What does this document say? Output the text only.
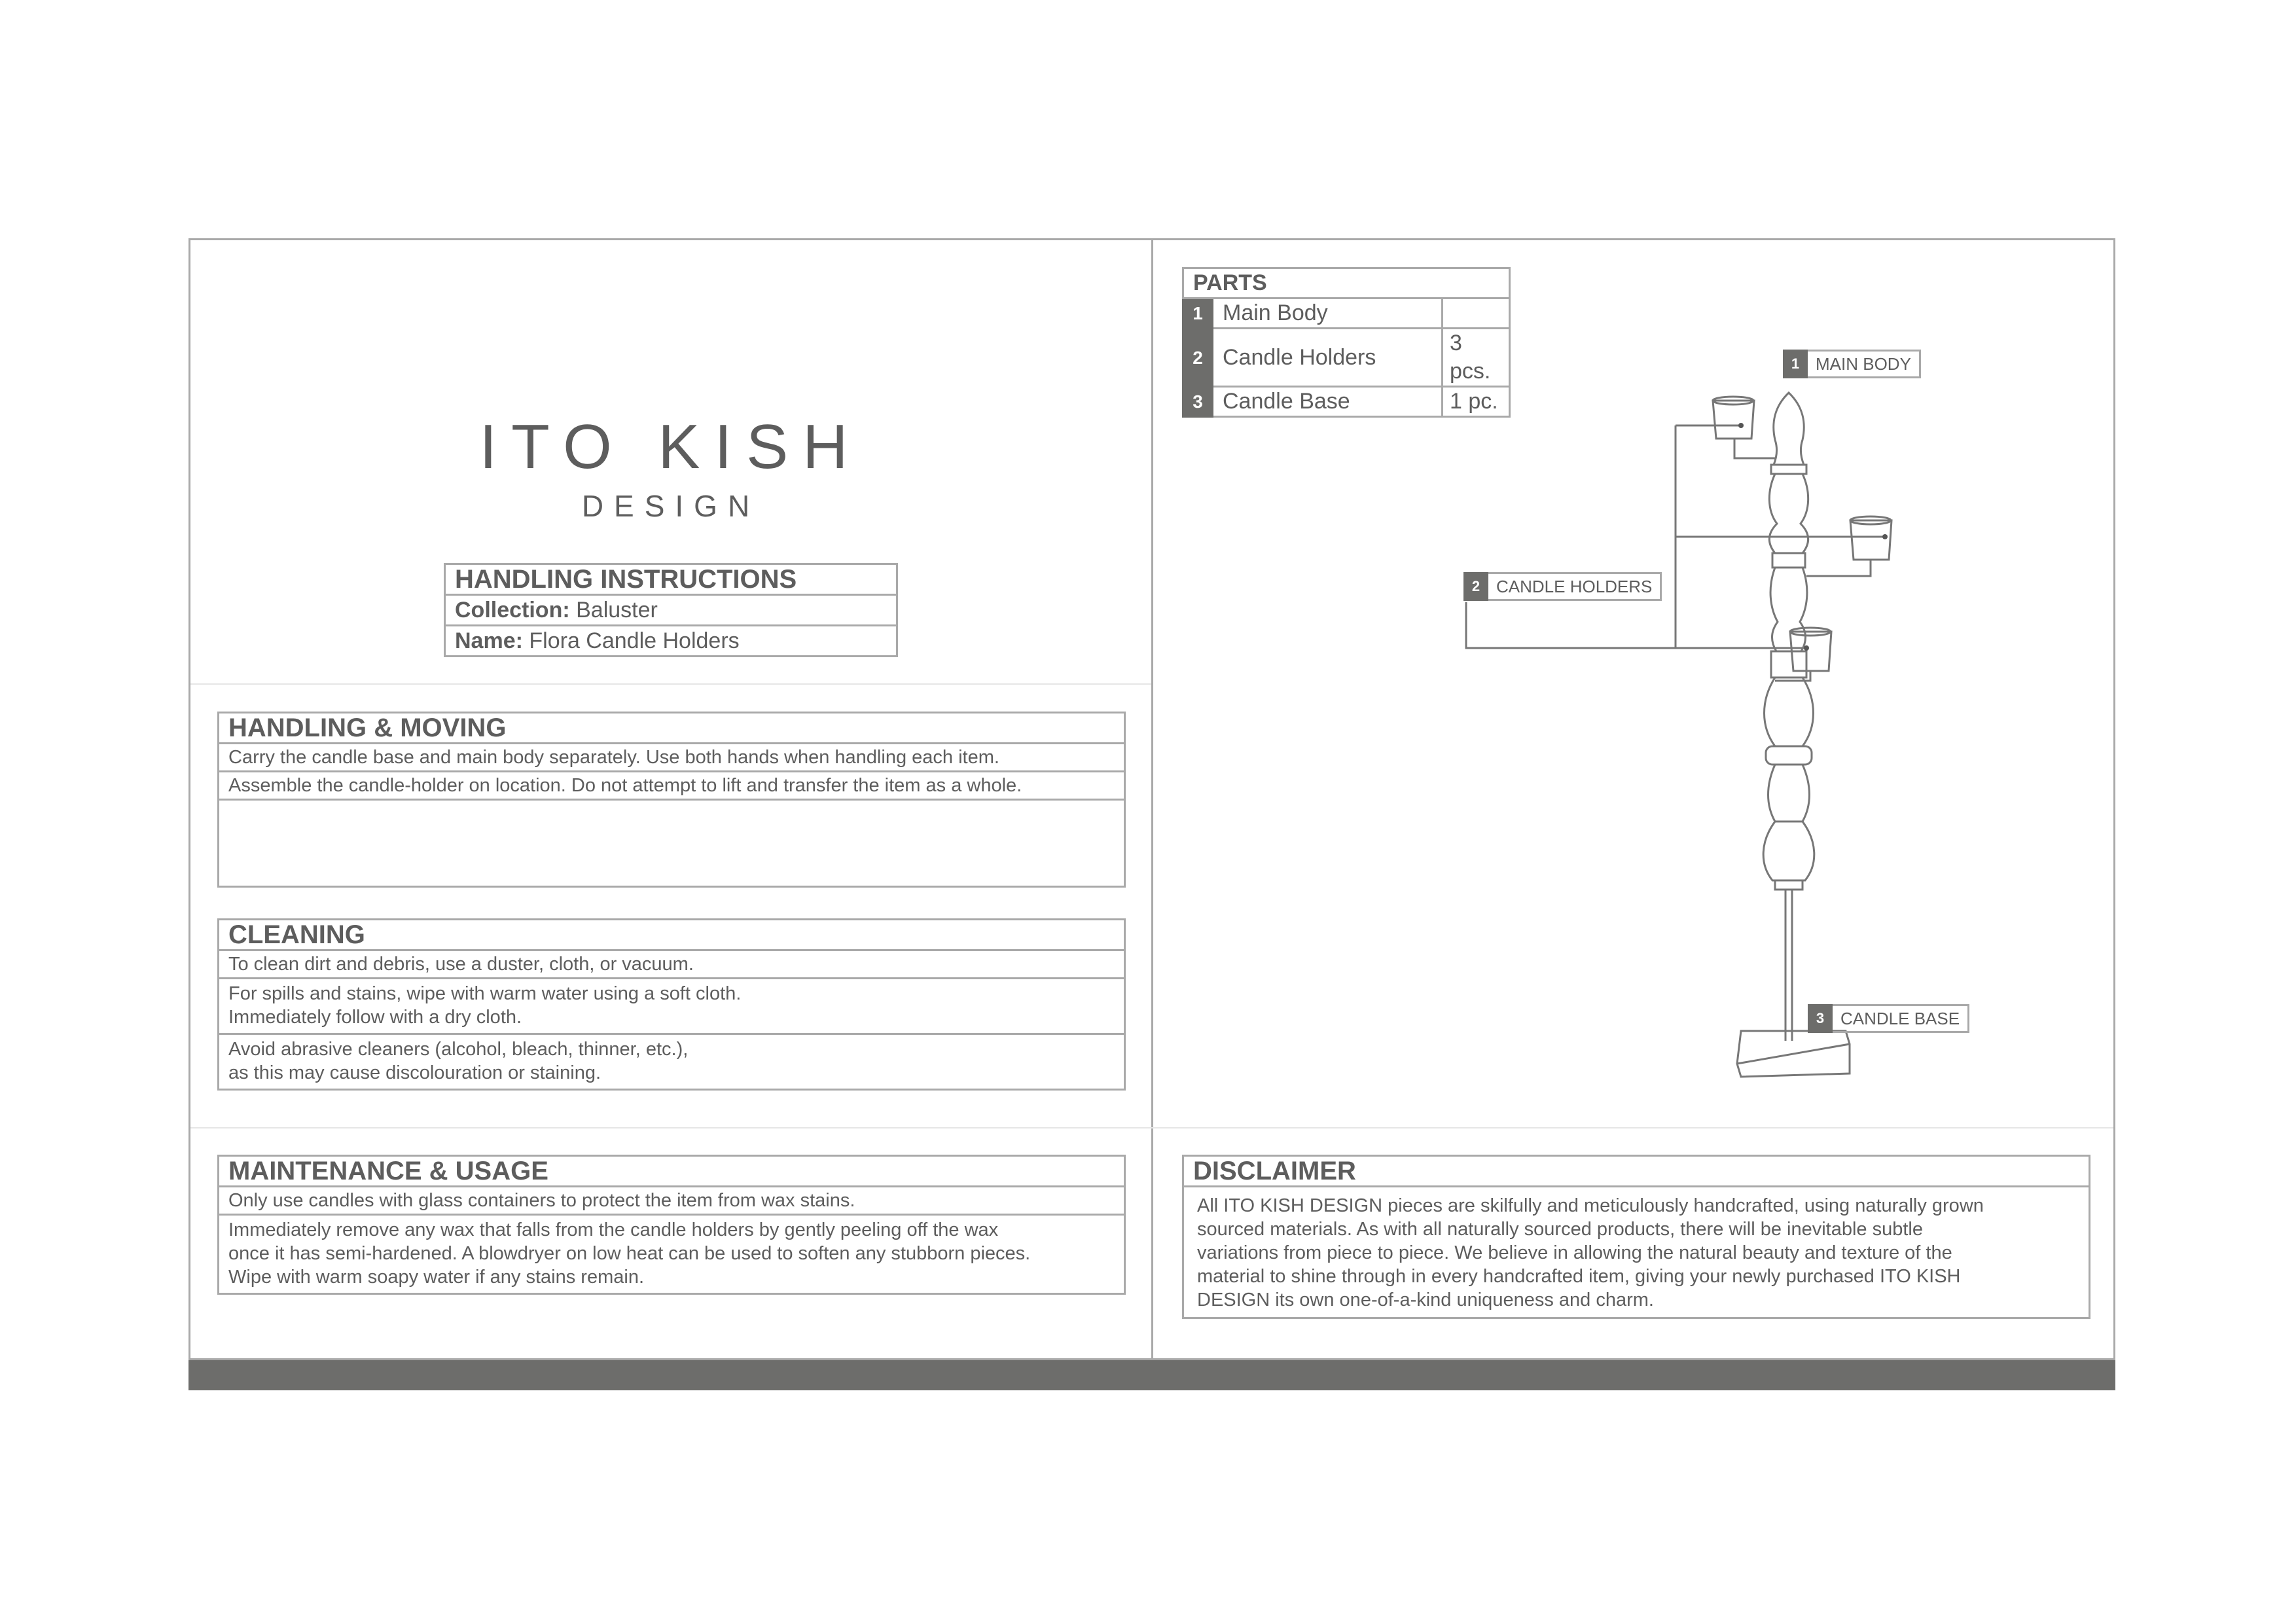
ITO KISH
DESIGN
HANDLING INSTRUCTIONS
Collection: Baluster
Name: Flora Candle Holders
HANDLING & MOVING
Carry the candle base and main body separately. Use both hands when handling each item.
Assemble the candle-holder on location. Do not attempt to lift and transfer the item as a whole.

CLEANING
To clean dirt and debris, use a duster, cloth, or vacuum.
For spills and stains, wipe with warm water using a soft cloth.
Immediately follow with a dry cloth.
Avoid abrasive cleaners (alcohol, bleach, thinner, etc.),
as this may cause discolouration or staining.
MAINTENANCE & USAGE
Only use candles with glass containers to protect the item from wax stains.
Immediately remove any wax that falls from the candle holders by gently peeling off the wax
once it has semi-hardened. A blowdryer on low heat can be used to soften any stubborn pieces.
Wipe with warm soapy water if any stains remain.
PARTS		
1	Main Body	
2	Candle Holders	3 pcs.
3	Candle Base	1 pc.
1 MAIN BODY
2 CANDLE HOLDERS
3 CANDLE BASE
DISCLAIMER
All ITO KISH DESIGN pieces are skilfully and meticulously handcrafted, using naturally grown
sourced materials. As with all naturally sourced products, there will be inevitable subtle
variations from piece to piece. We believe in allowing the natural beauty and texture of the
material to shine through in every handcrafted item, giving your newly purchased ITO KISH
DESIGN its own one-of-a-kind uniqueness and charm.
